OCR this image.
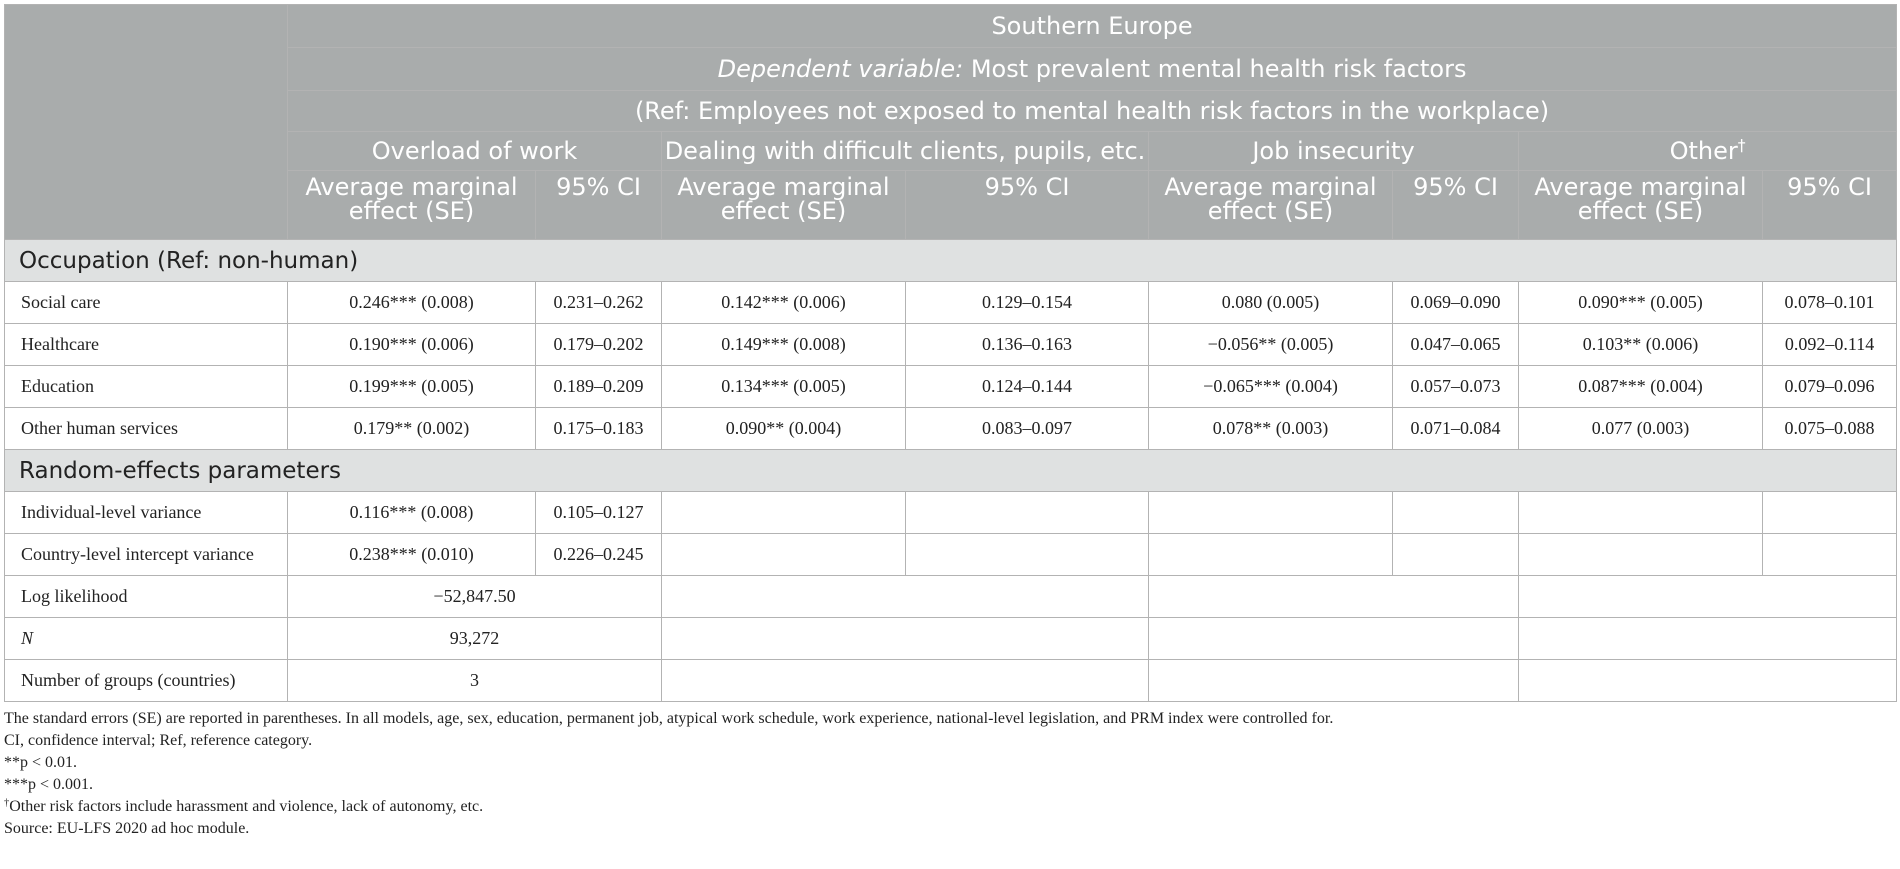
	Southern Europe							
	Dependent variable: Most prevalent mental health risk factors							
	(Ref: Employees not exposed to mental health risk factors in the workplace)							
	Overload of work		Dealing with difficult clients, pupils, etc.		Job insecurity		Other†
	Average marginal effect (SE)	95% CI	Average marginal effect (SE)	95% CI	Average marginal effect (SE)	95% CI	Average marginal effect (SE)	95% CI
Occupation (Ref: non-human)								
Social care	0.246*** (0.008)	0.231–0.262	0.142*** (0.006)	0.129–0.154	0.080 (0.005)	0.069–0.090	0.090*** (0.005)	0.078–0.101
Healthcare	0.190*** (0.006)	0.179–0.202	0.149*** (0.008)	0.136–0.163	−0.056** (0.005)	0.047–0.065	0.103** (0.006)	0.092–0.114
Education	0.199*** (0.005)	0.189–0.209	0.134*** (0.005)	0.124–0.144	−0.065*** (0.004)	0.057–0.073	0.087*** (0.004)	0.079–0.096
Other human services	0.179** (0.002)	0.175–0.183	0.090** (0.004)	0.083–0.097	0.078** (0.003)	0.071–0.084	0.077 (0.003)	0.075–0.088
Random-effects parameters								
Individual-level variance	0.116*** (0.008)	0.105–0.127						
Country-level intercept variance	0.238*** (0.010)	0.226–0.245						
Log likelihood	−52,847.50							
N	93,272							
Number of groups (countries)	3							
The standard errors (SE) are reported in parentheses. In all models, age, sex, education, permanent job, atypical work schedule, work experience, national-level legislation, and PRM index were controlled for.
CI, confidence interval; Ref, reference category.
**p < 0.01.
***p < 0.001.
†Other risk factors include harassment and violence, lack of autonomy, etc.
Source: EU-LFS 2020 ad hoc module.
